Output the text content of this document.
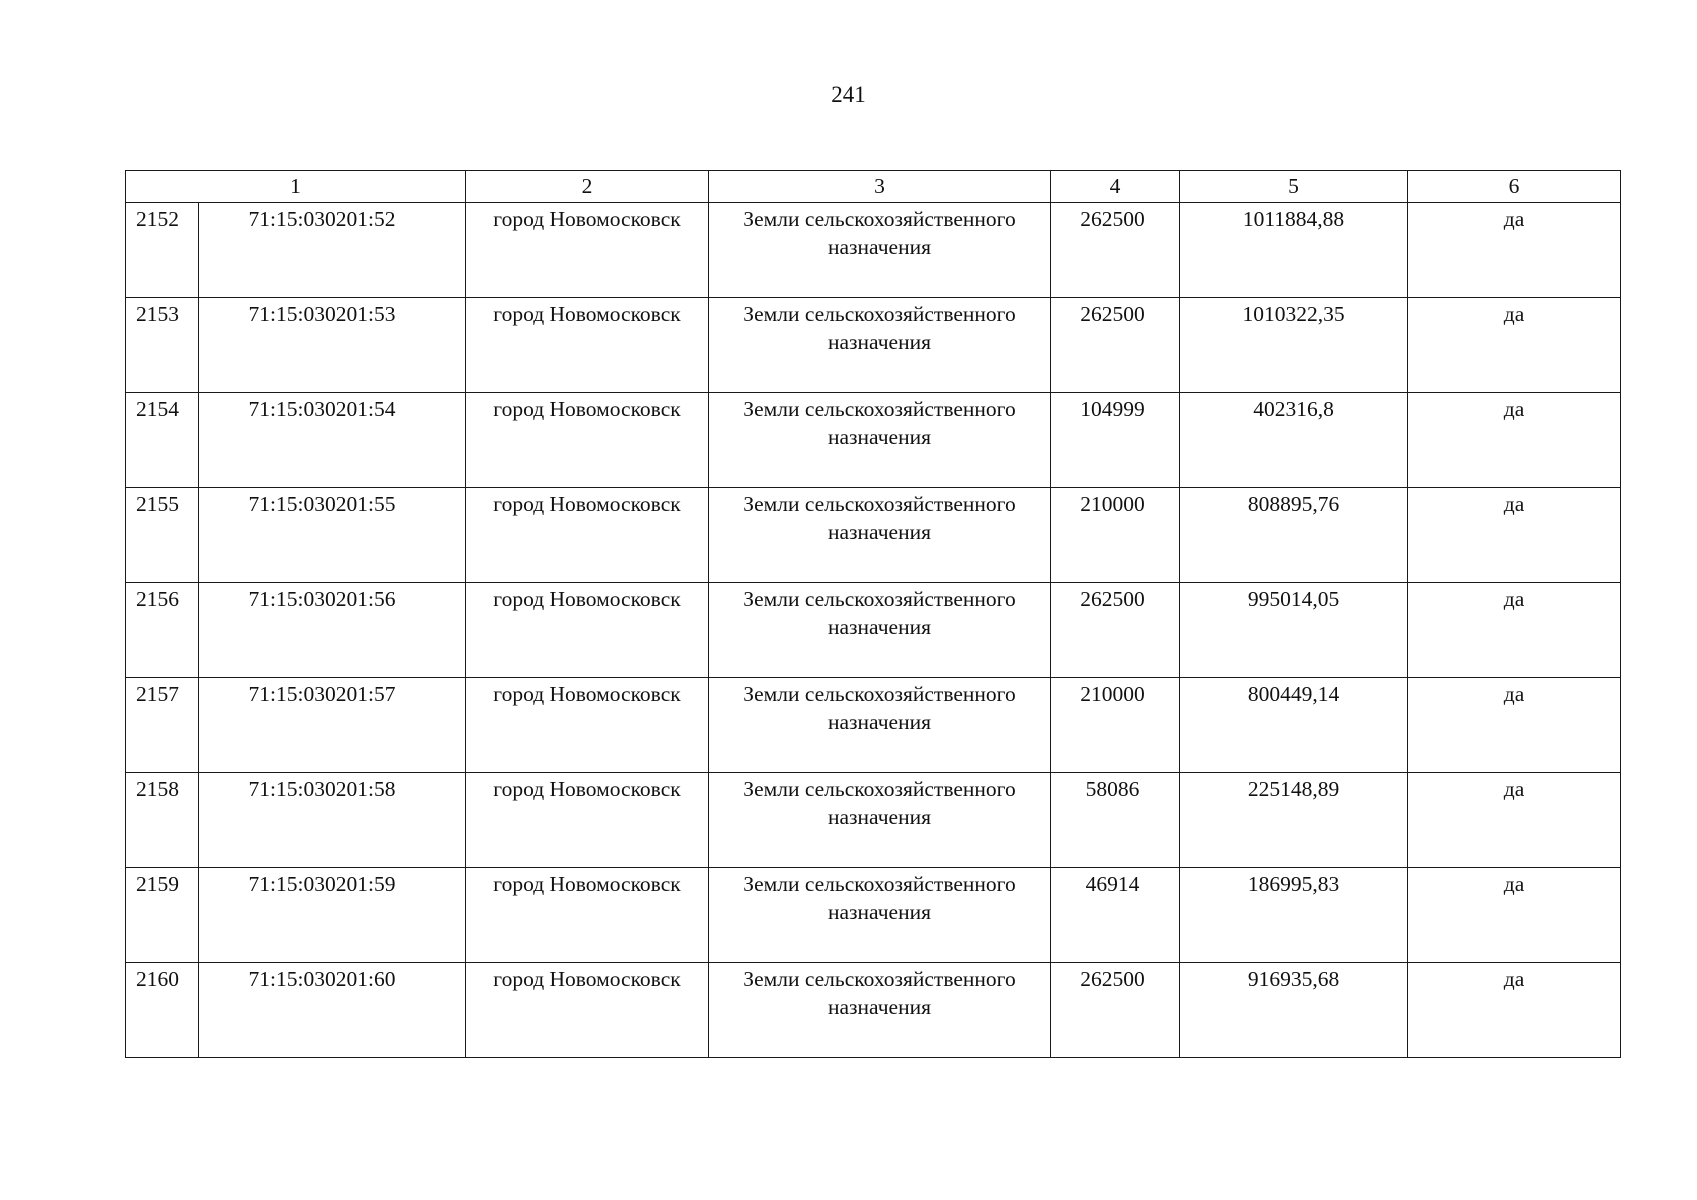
241
1		2	3	4	5	6
2152	71:15:030201:52	город Новомосковск	Земли сельскохозяйственного назначения	262500	1011884,88	да
2153	71:15:030201:53	город Новомосковск	Земли сельскохозяйственного назначения	262500	1010322,35	да
2154	71:15:030201:54	город Новомосковск	Земли сельскохозяйственного назначения	104999	402316,8	да
2155	71:15:030201:55	город Новомосковск	Земли сельскохозяйственного назначения	210000	808895,76	да
2156	71:15:030201:56	город Новомосковск	Земли сельскохозяйственного назначения	262500	995014,05	да
2157	71:15:030201:57	город Новомосковск	Земли сельскохозяйственного назначения	210000	800449,14	да
2158	71:15:030201:58	город Новомосковск	Земли сельскохозяйственного назначения	58086	225148,89	да
2159	71:15:030201:59	город Новомосковск	Земли сельскохозяйственного назначения	46914	186995,83	да
2160	71:15:030201:60	город Новомосковск	Земли сельскохозяйственного назначения	262500	916935,68	да
